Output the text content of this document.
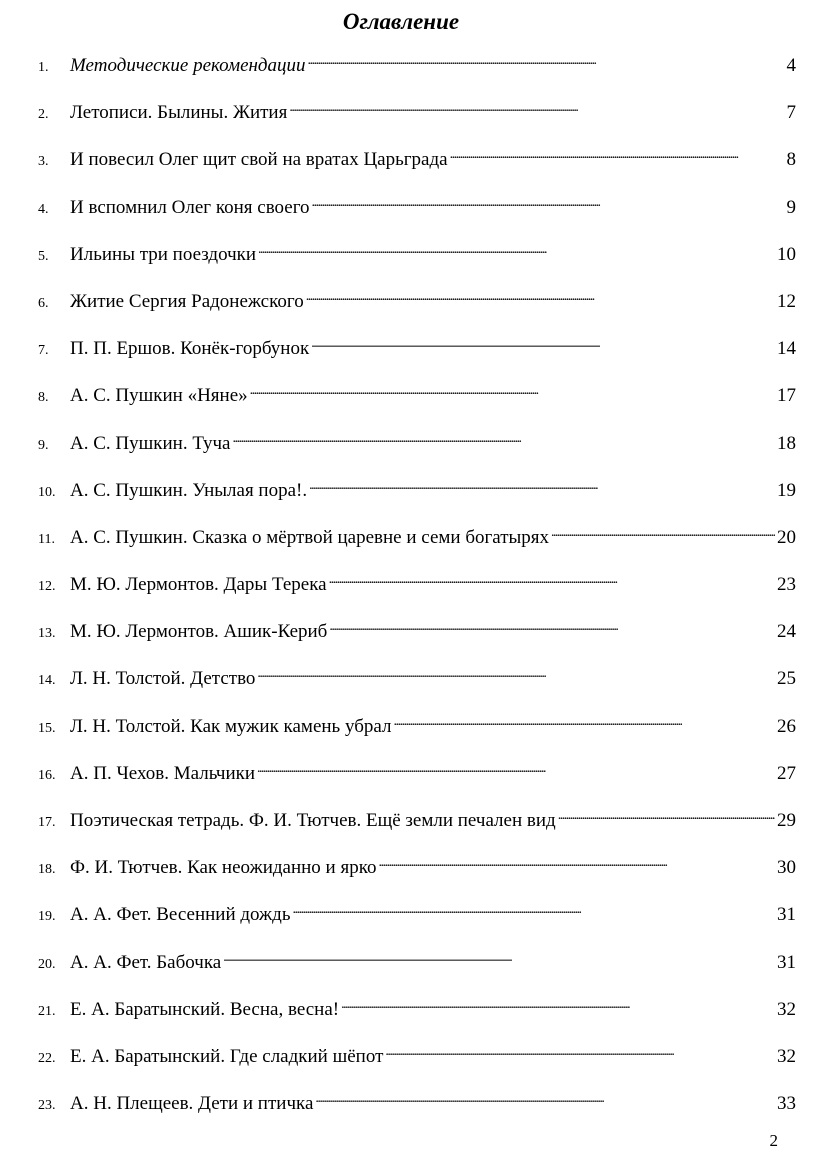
Оглавление
1.	Методические рекомендации . . .	4
2.	Летописи. Былины. Жития . . .	7
3.	И повесил Олег щит свой на вратах Царьграда . . .	8
4.	И вспомнил Олег коня своего . . .	9
5.	Ильины три поездочки . . .	10
6.	Житие Сергия Радонежского . . .	12
7.	П. П. Ершов. Конёк-горбунок . . .	14
8.	А. С. Пушкин «Няне» . . .	17
9.	А. С. Пушкин. Туча . . .	18
10. А. С. Пушкин. Унылая пора!. . . .	19
11. А. С. Пушкин. Сказка о мёртвой царевне и семи богатырях . . .	20
12. М. Ю. Лермонтов. Дары Терека . . .	23
13. М. Ю. Лермонтов. Ашик-Кериб . . .	24
14. Л. Н. Толстой. Детство . . .	25
15. Л. Н. Толстой. Как мужик камень убрал . . .	26
16. А. П. Чехов. Мальчики . . .	27
17. Поэтическая тетрадь. Ф. И. Тютчев. Ещё земли печален вид . . .	29
18. Ф. И. Тютчев. Как неожиданно и ярко . . .	30
19. А. А. Фет. Весенний дождь . . .	31
20. А. А. Фет. Бабочка . . .	31
21. Е. А. Баратынский. Весна, весна! . . .	32
22. Е. А. Баратынский. Где сладкий шёпот . . .	32
23. А. Н. Плещеев. Дети и птичка . . .	33
2
